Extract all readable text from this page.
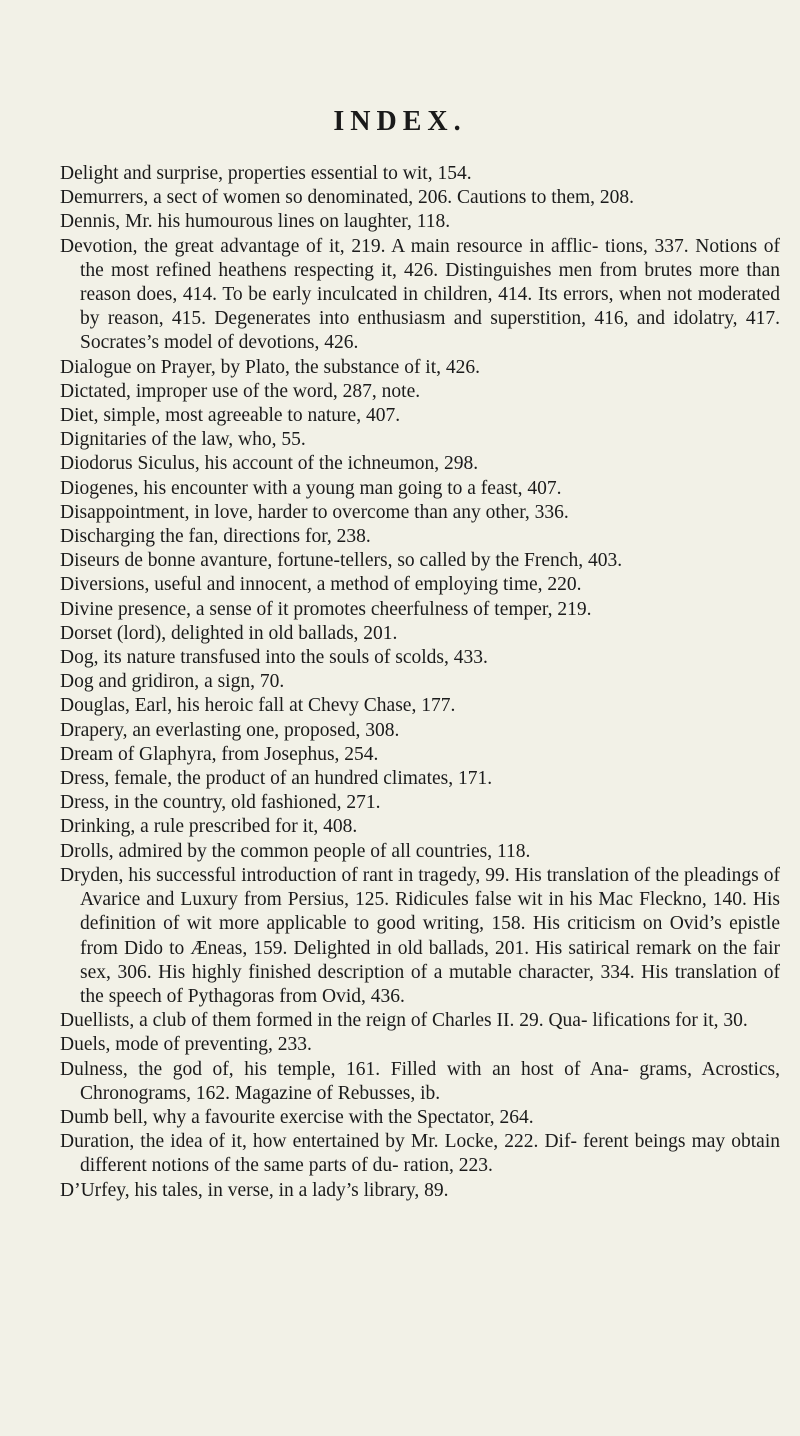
INDEX.

Delight and surprise, properties essential to wit, 154.

Demurrers, a sect of women so denominated, 206. Cautions to them, 208.

Dennis, Mr. his humourous lines on laughter, 118.

Devotion, the great advantage of it, 219. A main resource in afflic- tions, 337. Notions of the most refined heathens respecting it, 426. Distinguishes men from brutes more than reason does, 414. To be early inculcated in children, 414. Its errors, when not moderated by reason, 415. Degenerates into enthusiasm and superstition, 416, and idolatry, 417. Socrates’s model of devotions, 426.

Dialogue on Prayer, by Plato, the substance of it, 426.

Dictated, improper use of the word, 287, note.

Diet, simple, most agreeable to nature, 407.

Dignitaries of the law, who, 55.

Diodorus Siculus, his account of the ichneumon, 298.

Diogenes, his encounter with a young man going to a feast, 407.

Disappointment, in love, harder to overcome than any other, 336.

Discharging the fan, directions for, 238.

Diseurs de bonne avanture, fortune-tellers, so called by the French, 403.

Diversions, useful and innocent, a method of employing time, 220.

Divine presence, a sense of it promotes cheerfulness of temper, 219.

Dorset (lord), delighted in old ballads, 201.

Dog, its nature transfused into the souls of scolds, 433.

Dog and gridiron, a sign, 70.

Douglas, Earl, his heroic fall at Chevy Chase, 177.

Drapery, an everlasting one, proposed, 308.

Dream of Glaphyra, from Josephus, 254.

Dress, female, the product of an hundred climates, 171.

Dress, in the country, old fashioned, 271.

Drinking, a rule prescribed for it, 408.

Drolls, admired by the common people of all countries, 118.

Dryden, his successful introduction of rant in tragedy, 99. His translation of the pleadings of Avarice and Luxury from Persius, 125. Ridicules false wit in his Mac Fleckno, 140. His definition of wit more applicable to good writing, 158. His criticism on Ovid’s epistle from Dido to Æneas, 159. Delighted in old ballads, 201. His satirical remark on the fair sex, 306. His highly finished description of a mutable character, 334. His translation of the speech of Pythagoras from Ovid, 436.

Duellists, a club of them formed in the reign of Charles II. 29. Qua- lifications for it, 30.

Duels, mode of preventing, 233.

Dulness, the god of, his temple, 161. Filled with an host of Ana- grams, Acrostics, Chronograms, 162. Magazine of Rebusses, ib.

Dumb bell, why a favourite exercise with the Spectator, 264.

Duration, the idea of it, how entertained by Mr. Locke, 222. Dif- ferent beings may obtain different notions of the same parts of du- ration, 223.

D’Urfey, his tales, in verse, in a lady’s library, 89.
